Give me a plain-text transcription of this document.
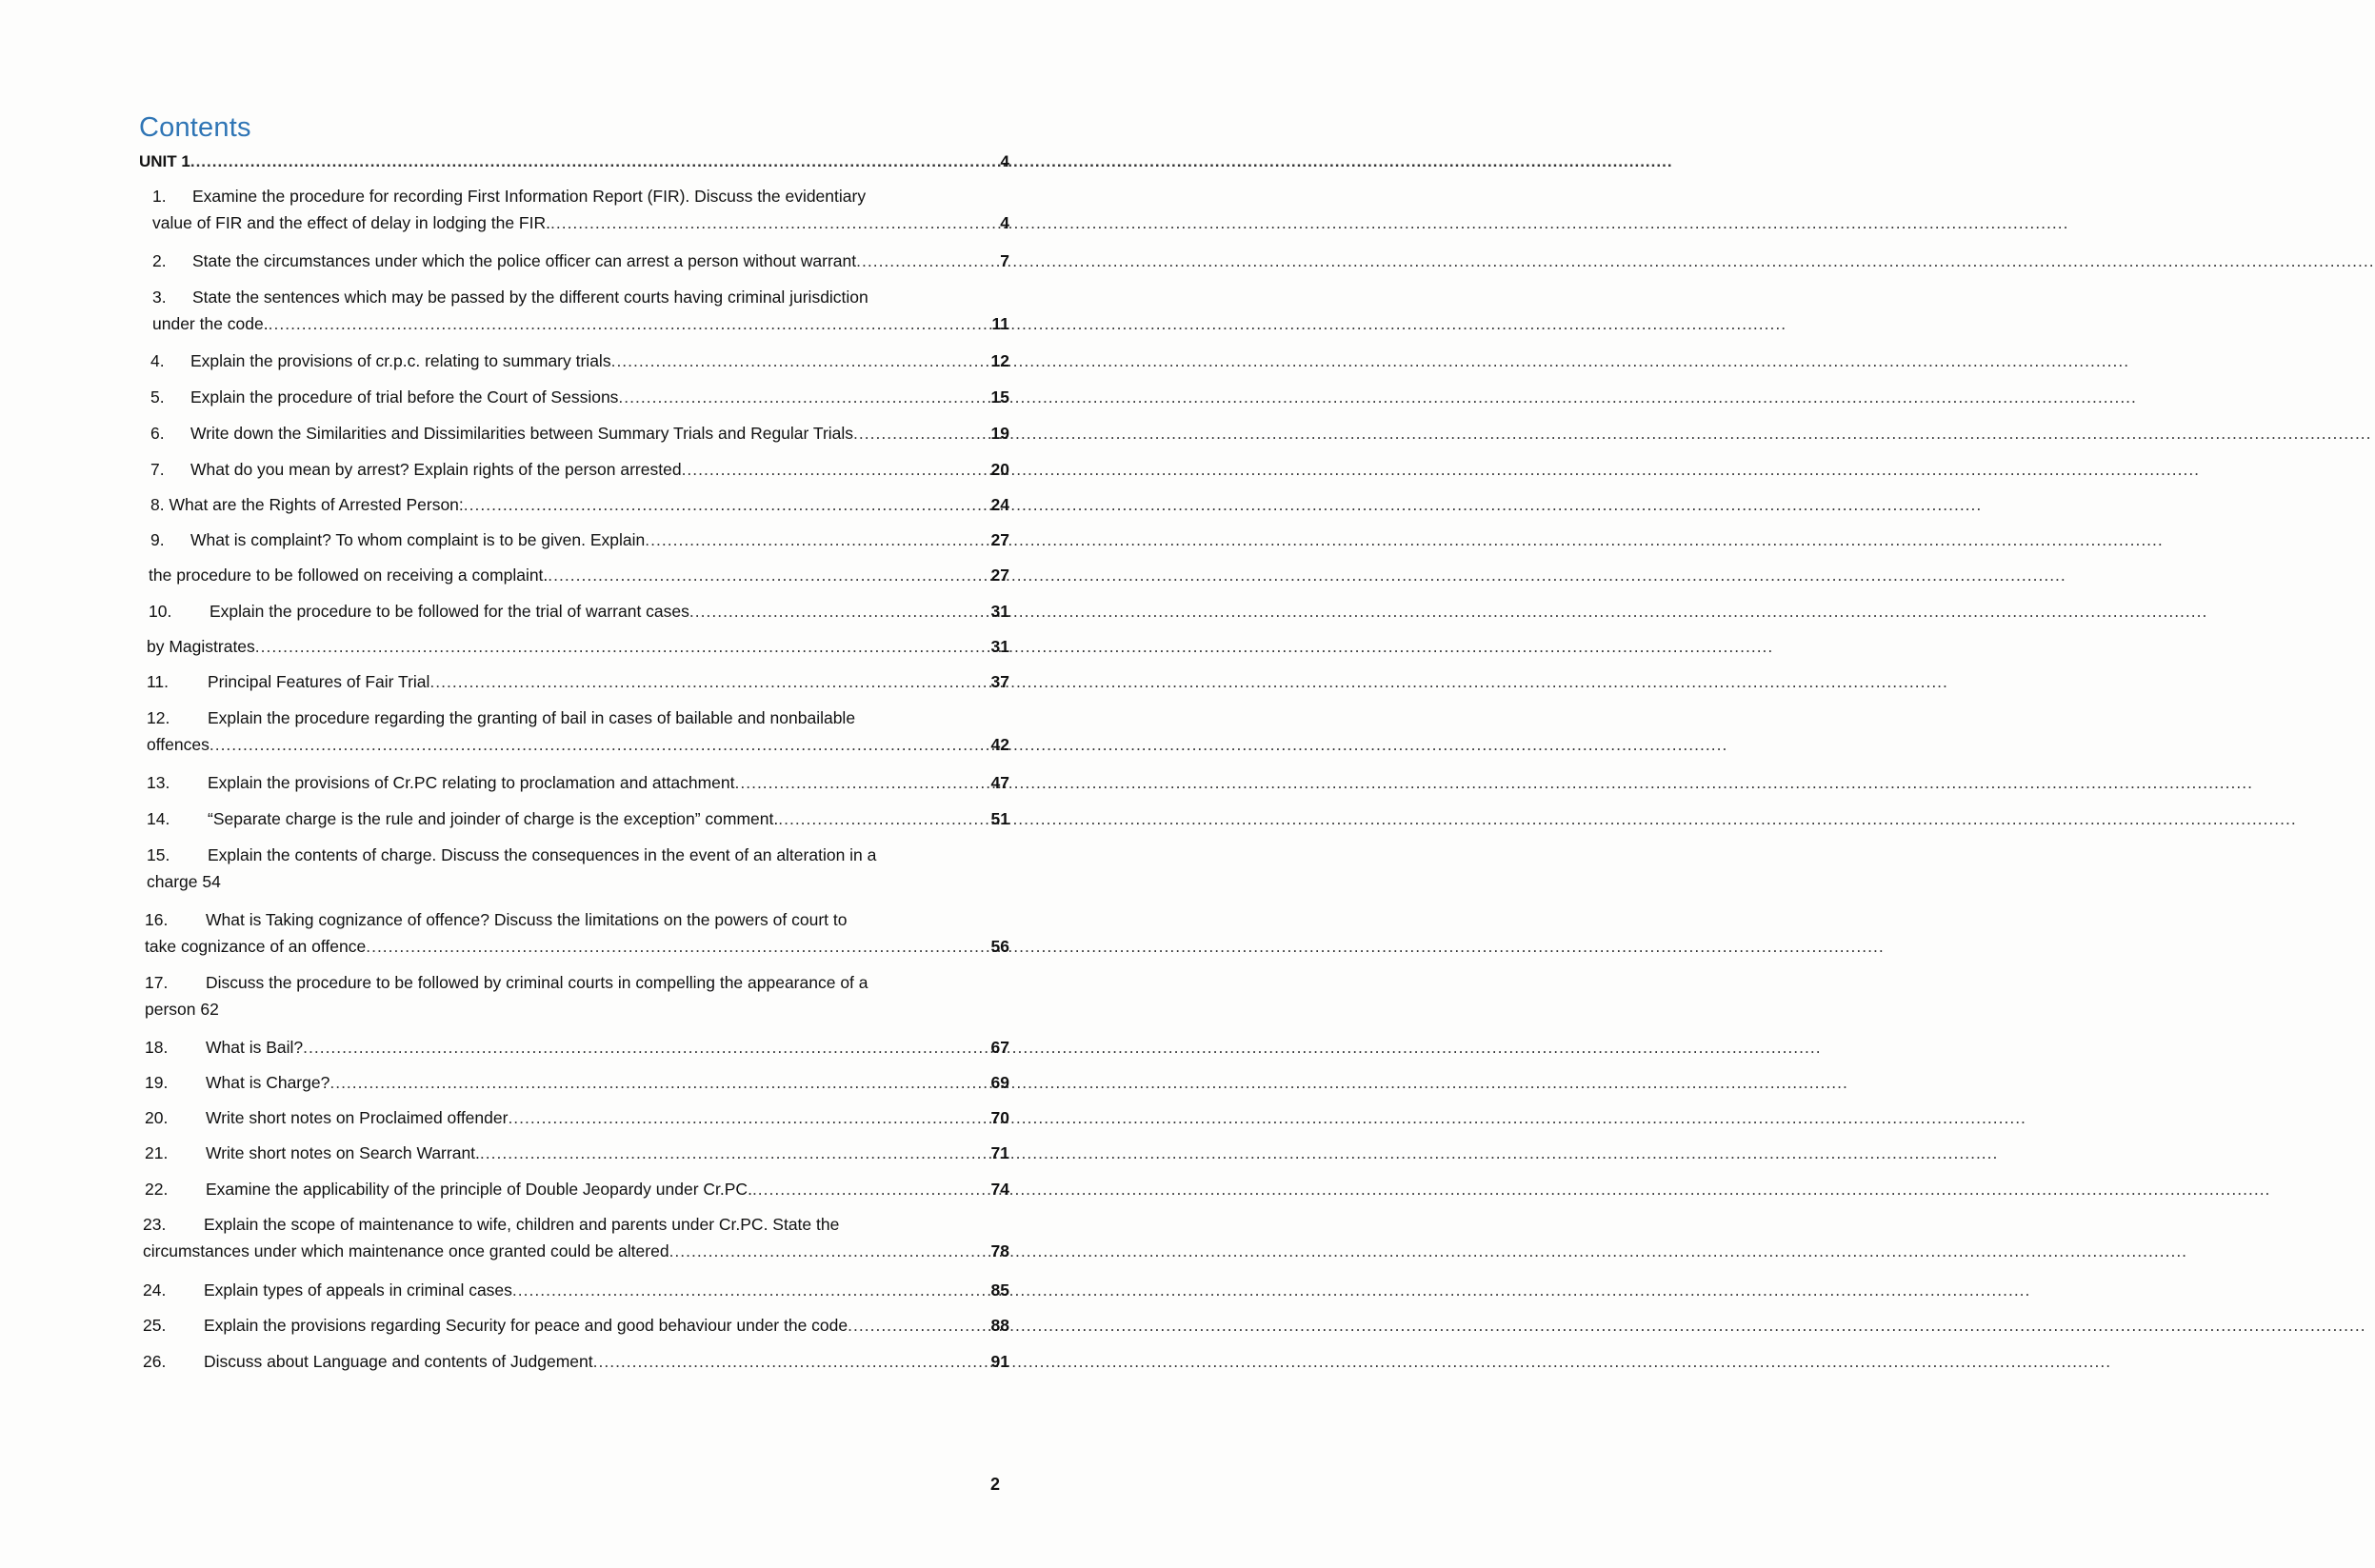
Contents
UNIT 1 .....	4
1. Examine the procedure for recording First Information Report (FIR). Discuss the evidentiary
value of FIR and the effect of delay in lodging the FIR. .....	4
2.	State the circumstances under which the police officer can arrest a person without warrant .....	7
3. State the sentences which may be passed by the different courts having criminal jurisdiction
under the code. .....	11
4.	Explain the provisions of cr.p.c. relating to summary trials .....	12
5.	Explain the procedure of trial before the Court of Sessions .....	15
6.	Write down the Similarities and Dissimilarities between Summary Trials and Regular Trials .....	19
7.	What do you mean by arrest? Explain rights of the person arrested .....	20
8. What are the Rights of Arrested Person: .....	24
9.	What is complaint? To whom complaint is to be given. Explain .....	27
the procedure to be followed on receiving a complaint. .....	27
10.	Explain the procedure to be followed for the trial of warrant cases .....	31
by Magistrates .....	31
11.	Principal Features of Fair Trial .....	37
12. Explain the procedure regarding the granting of bail in cases of bailable and nonbailable
offences .....	42
13.	Explain the provisions of Cr.PC relating to proclamation and attachment .....	47
14.	“Separate charge is the rule and joinder of charge is the exception” comment. .....	51
15. Explain the contents of charge. Discuss the consequences in the event of an alteration in a
charge 54
16. What is Taking cognizance of offence? Discuss the limitations on the powers of court to
take cognizance of an offence .....	56
17. Discuss the procedure to be followed by criminal courts in compelling the appearance of a
person 62
18.	What is Bail? .....	67
19.	What is Charge? .....	69
20.	Write short notes on Proclaimed offender .....	70
21.	Write short notes on Search Warrant. .....	71
22.	Examine the applicability of the principle of Double Jeopardy under Cr.PC. .....	74
23. Explain the scope of maintenance to wife, children and parents under Cr.PC. State the
circumstances under which maintenance once granted could be altered .....	78
24.	Explain types of appeals in criminal cases .....	85
25.	Explain the provisions regarding Security for peace and good behaviour under the code .....	88
26.	Discuss about Language and contents of Judgement .....	91
2
